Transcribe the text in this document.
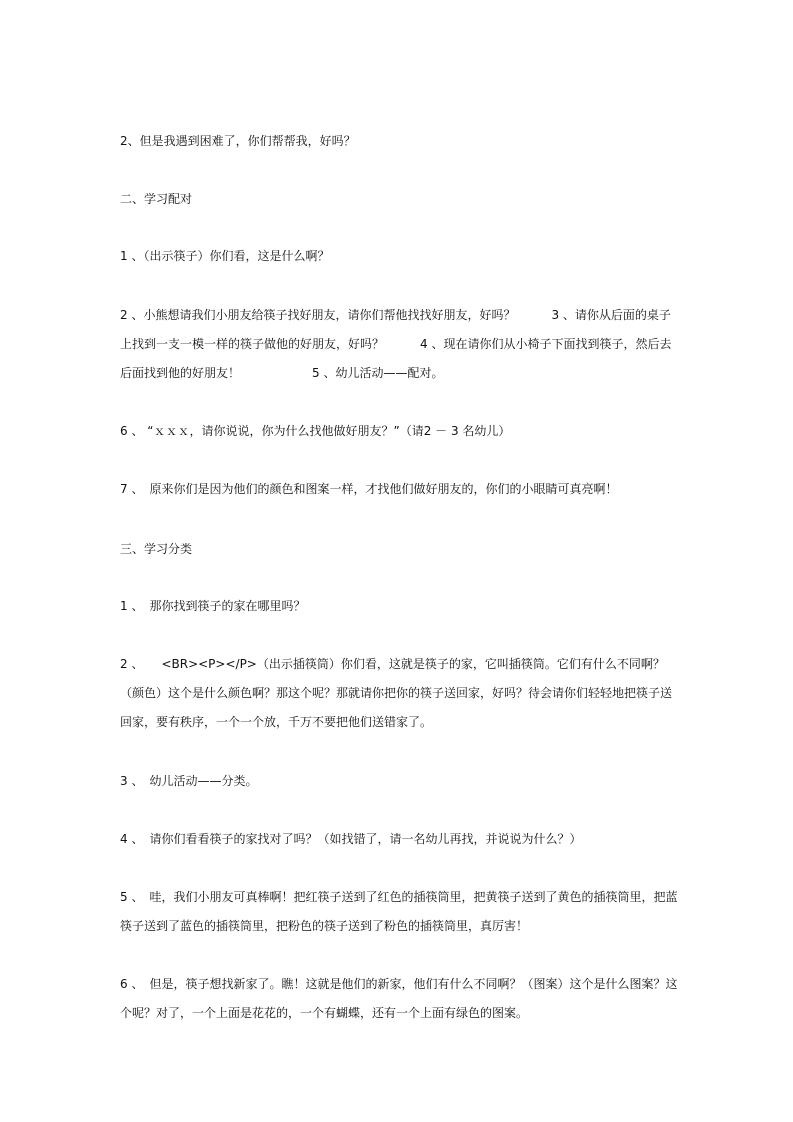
2、但是我遇到困难了，你们帮帮我，好吗？
二、学习配对
1 、（出示筷子）你们看，这是什么啊？
2 、小熊想请我们小朋友给筷子找好朋友，请你们帮他找找好朋友，好吗？　　　3 、请你从后面的桌子上找到一支一模一样的筷子做他的好朋友，好吗？　　　4 、现在请你们从小椅子下面找到筷子，然后去后面找到他的好朋友！　　　　　　5 、幼儿活动——配对。
6 、 “ｘｘｘ，请你说说，你为什么找他做好朋友？”（请2 － 3 名幼儿）
7 、　原来你们是因为他们的颜色和图案一样，才找他们做好朋友的，你们的小眼睛可真亮啊！
三、学习分类
1 、　那你找到筷子的家在哪里吗？
2 、　　<BR><P></P>（出示插筷筒）你们看，这就是筷子的家，它叫插筷筒。它们有什么不同啊？（颜色）这个是什么颜色啊？那这个呢？那就请你把你的筷子送回家，好吗？待会请你们轻轻地把筷子送回家，要有秩序，一个一个放，千万不要把他们送错家了。
3 、　幼儿活动——分类。
4 、　请你们看看筷子的家找对了吗？（如找错了，请一名幼儿再找，并说说为什么？）
5 、　哇，我们小朋友可真棒啊！把红筷子送到了红色的插筷筒里，把黄筷子送到了黄色的插筷筒里，把蓝筷子送到了蓝色的插筷筒里，把粉色的筷子送到了粉色的插筷筒里，真厉害！
6 、　但是，筷子想找新家了。瞧！这就是他们的新家，他们有什么不同啊？（图案）这个是什么图案？这个呢？对了，一个上面是花花的，一个有蝴蝶，还有一个上面有绿色的图案。
